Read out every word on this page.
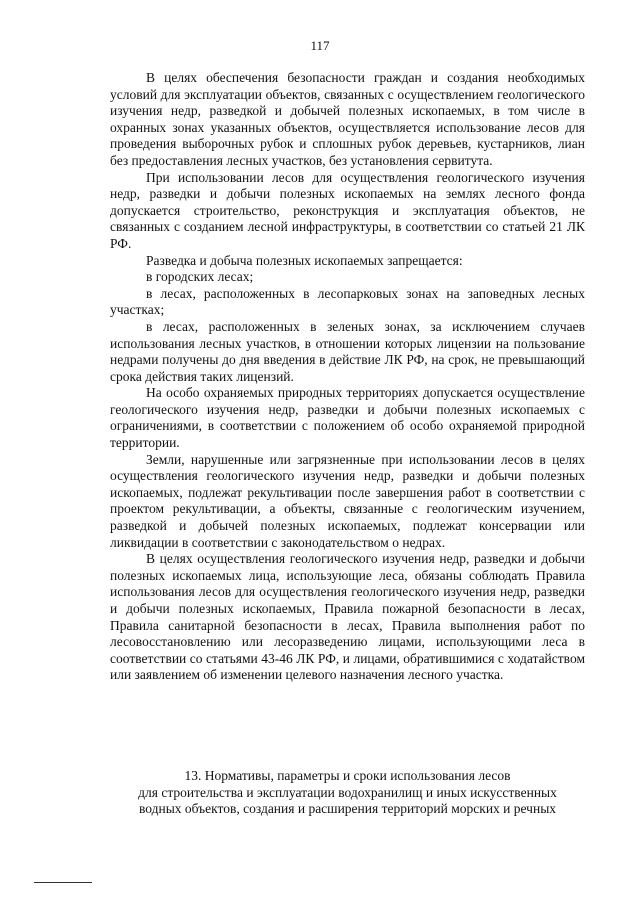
117

В целях обеспечения безопасности граждан и создания необходимых условий для эксплуатации объектов, связанных с осуществлением геологического изучения недр, разведкой и добычей полезных ископаемых, в том числе в охранных зонах указанных объектов, осуществляется использование лесов для проведения выборочных рубок и сплошных рубок деревьев, кустарников, лиан без предоставления лесных участков, без установления сервитута.

При использовании лесов для осуществления геологического изучения недр, разведки и добычи полезных ископаемых на землях лесного фонда допускается строительство, реконструкция и эксплуатация объектов, не связанных с созданием лесной инфраструктуры, в соответствии со статьей 21 ЛК РФ.

Разведка и добыча полезных ископаемых запрещается:

в городских лесах;

в лесах, расположенных в лесопарковых зонах на заповедных лесных участках;

в лесах, расположенных в зеленых зонах, за исключением случаев использования лесных участков, в отношении которых лицензии на пользование недрами получены до дня введения в действие ЛК РФ, на срок, не превышающий срока действия таких лицензий.

На особо охраняемых природных территориях допускается осуществление геологического изучения недр, разведки и добычи полезных ископаемых с ограничениями, в соответствии с положением об особо охраняемой природной территории.

Земли, нарушенные или загрязненные при использовании лесов в целях осуществления геологического изучения недр, разведки и добычи полезных ископаемых, подлежат рекультивации после завершения работ в соответствии с проектом рекультивации, а объекты, связанные с геологическим изучением, разведкой и добычей полезных ископаемых, подлежат консервации или ликвидации в соответствии с законодательством о недрах.

В целях осуществления геологического изучения недр, разведки и добычи полезных ископаемых лица, использующие леса, обязаны соблюдать Правила использования лесов для осуществления геологического изучения недр, разведки и добычи полезных ископаемых, Правила пожарной безопасности в лесах, Правила санитарной безопасности в лесах, Правила выполнения работ по лесовосстановлению или лесоразведению лицами, использующими леса в соответствии со статьями 43-46 ЛК РФ, и лицами, обратившимися с ходатайством или заявлением об изменении целевого назначения лесного участка.

13. Нормативы, параметры и сроки использования лесов
для строительства и эксплуатации водохранилищ и иных искусственных
водных объектов, создания и расширения территорий морских и речных
